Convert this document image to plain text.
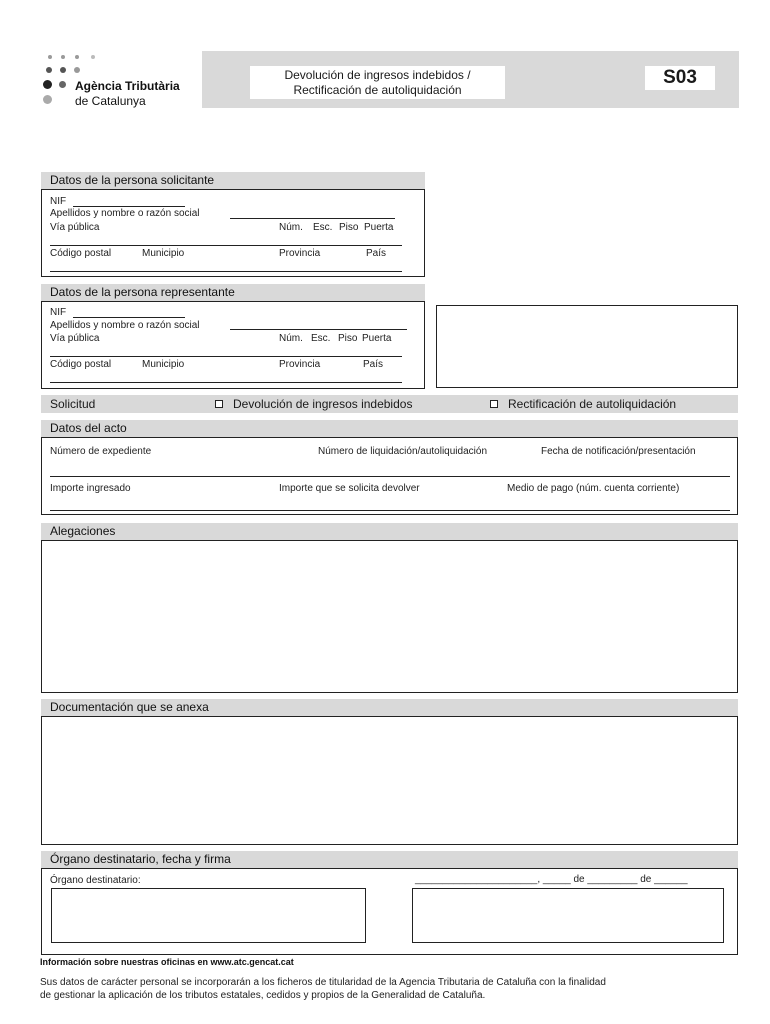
Agència Tributària
de Catalunya
Devolución de ingresos indebidos /
Rectificación de autoliquidación
S03
Datos de la persona solicitante
NIF
Apellidos y nombre o razón social
Vía pública	Núm. Esc. Piso Puerta
Código postal	Municipio	Provincia	País
Datos de la persona representante
NIF
Apellidos y nombre o razón social
Vía pública	Núm. Esc. Piso Puerta
Código postal	Municipio	Provincia	País
Solicitud	Devolución de ingresos indebidos	Rectificación de autoliquidación
Datos del acto
Número de expediente	Número de liquidación/autoliquidación	Fecha de notificación/presentación
Importe ingresado	Importe que se solicita devolver	Medio de pago (núm. cuenta corriente)
Alegaciones
Documentación que se anexa
Órgano destinatario, fecha y firma
Órgano destinatario:	______________________, _____ de _________ de ______
Información sobre nuestras oficinas en www.atc.gencat.cat
Sus datos de carácter personal se incorporarán a los ficheros de titularidad de la Agencia Tributaria de Cataluña con la finalidad
de gestionar la aplicación de los tributos estatales, cedidos y propios de la Generalidad de Cataluña.
